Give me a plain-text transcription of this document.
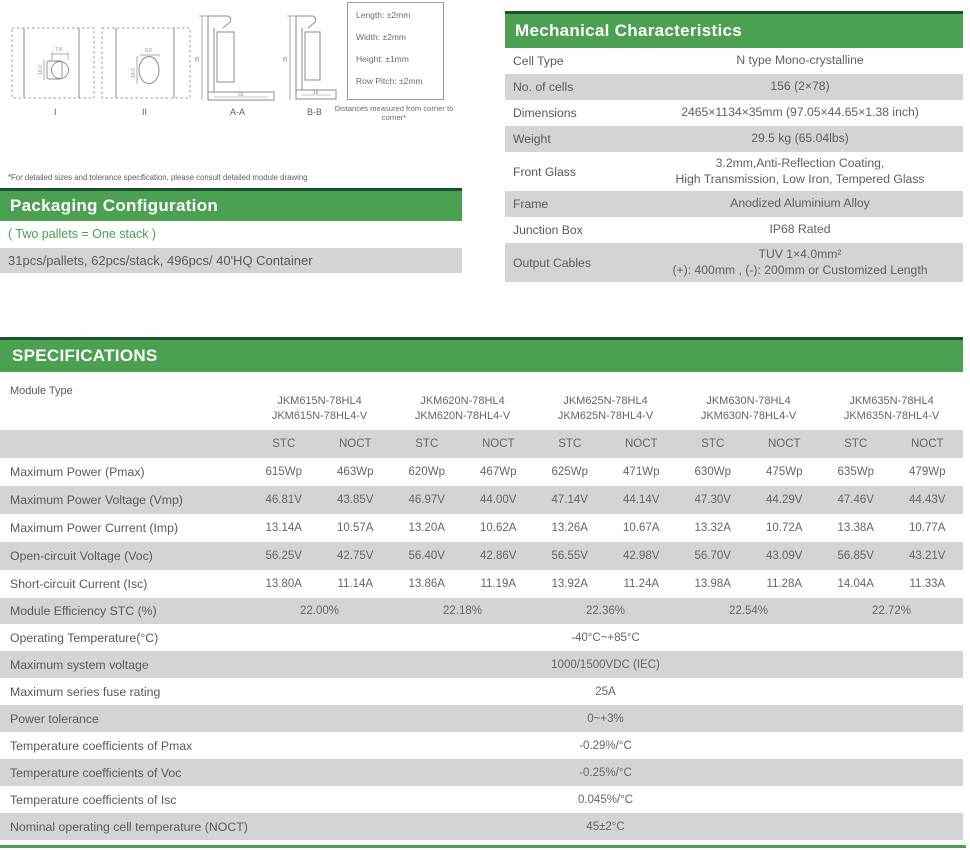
7.8
10.0
I
9.6
14.0
II
35
33
A-A
35
18
B-B
Length: ±2mm
Width: ±2mm
Height: ±1mm
Row Pitch: ±2mm
Distances measured from corner to corner*
*For detailed sizes and tolerance specification, please consult detailed module drawing
Packaging Configuration
( Two pallets = One stack )
31pcs/pallets, 62pcs/stack, 496pcs/ 40'HQ Container
Mechanical Characteristics
Cell Type	N type Mono-crystalline

No. of cells	156 (2×78)

Dimensions	2465×1134×35mm (97.05×44.65×1.38 inch)

Weight	29.5 kg (65.04lbs)

Front Glass	3.2mm,Anti-Reflection Coating,
High Transmission, Low Iron, Tempered Glass

Frame	Anodized Aluminium Alloy

Junction Box	IP68 Rated

Output Cables	TUV 1×4.0mm²
(+): 400mm , (-): 200mm or Customized Length
SPECIFICATIONS
Module Type	
JKM615N-78HL4
JKM615N-78HL4-V

JKM620N-78HL4
JKM620N-78HL4-V

JKM625N-78HL4
JKM625N-78HL4-V

JKM630N-78HL4
JKM630N-78HL4-V

JKM635N-78HL4
JKM635N-78HL4-V

	STC	NOCT	STC	NOCT	STC	NOCT	STC	NOCT	STC	NOCT
Maximum Power (Pmax)	615Wp	463Wp	620Wp	467Wp	625Wp	471Wp	630Wp	475Wp	635Wp	479Wp
Maximum Power Voltage (Vmp)	46.81V	43.85V	46.97V	44.00V	47.14V	44.14V	47.30V	44.29V	47.46V	44.43V
Maximum Power Current (Imp)	13.14A	10.57A	13.20A	10.62A	13.26A	10.67A	13.32A	10.72A	13.38A	10.77A
Open-circuit Voltage (Voc)	56.25V	42.75V	56.40V	42.86V	56.55V	42.98V	56.70V	43.09V	56.85V	43.21V
Short-circuit Current (Isc)	13.80A	11.14A	13.86A	11.19A	13.92A	11.24A	13.98A	11.28A	14.04A	11.33A
Module Efficiency STC (%)	22.00%		22.18%		22.36%		22.54%		22.72%	
Operating Temperature(°C)	-40°C~+85°C									
Maximum system voltage	1000/1500VDC (IEC)									
Maximum series fuse rating	25A									
Power tolerance	0~+3%									
Temperature coefficients of Pmax	-0.29%/°C									
Temperature coefficients of Voc	-0.25%/°C									
Temperature coefficients of Isc	0.045%/°C									
Nominal operating cell temperature (NOCT)	45±2°C									
